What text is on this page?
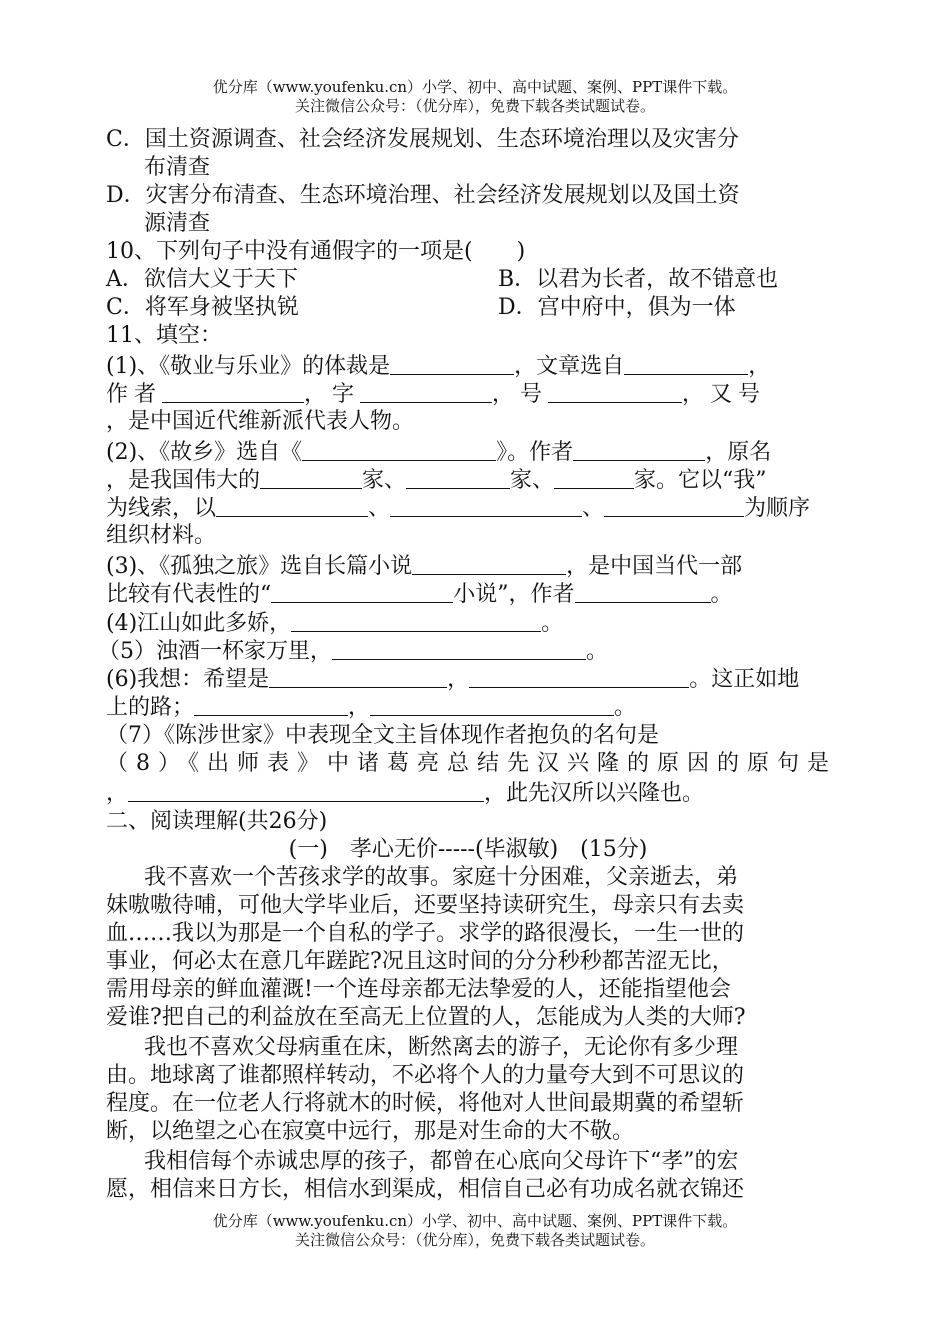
优分库（www.youfenku.cn）小学、初中、高中试题、案例、PPT课件下载。
关注微信公众号：（优分库），免费下载各类试题试卷。
C．国土资源调查、社会经济发展规划、生态环境治理以及灾害分
布清查
D．灾害分布清查、生态环境治理、社会经济发展规划以及国土资
源清查
10、下列句子中没有通假字的一项是(　　)
A．欲信大义于天下	B．以君为长者，故不错意也
C．将军身被坚执锐	D．宫中府中，俱为一体
11、填空：
(1)、《敬业与乐业》的体裁是	，文章选自	，
作者	，字	，号	，又号
，是中国近代维新派代表人物。
(2)、《故乡》选自《	》。作者	，原名
，是我国伟大的	家、	家、	家。它以“我”
为线索，以	、	、	为顺序
组织材料。
(3)、《孤独之旅》选自长篇小说	，是中国当代一部
比较有代表性的“	小说”，作者	。
(4)江山如此多娇，	。
（5）浊酒一杯家万里，	。
(6)我想：希望是	，	。这正如地
上的路；	，	。
（7）《陈涉世家》中表现全文主旨体现作者抱负的名句是
（8）《出师表》中诸葛亮总结先汉兴隆的原因的原句是
，	，此先汉所以兴隆也。
二、阅读理解(共26分)
(一)　孝心无价-----(毕淑敏)　(15分)
我不喜欢一个苦孩求学的故事。家庭十分困难，父亲逝去，弟
妹嗷嗷待哺，可他大学毕业后，还要坚持读研究生，母亲只有去卖
血……我以为那是一个自私的学子。求学的路很漫长，一生一世的
事业，何必太在意几年蹉跎?况且这时间的分分秒秒都苦涩无比，
需用母亲的鲜血灌溉!一个连母亲都无法挚爱的人，还能指望他会
爱谁?把自己的利益放在至高无上位置的人，怎能成为人类的大师?
我也不喜欢父母病重在床，断然离去的游子，无论你有多少理
由。地球离了谁都照样转动，不必将个人的力量夸大到不可思议的
程度。在一位老人行将就木的时候，将他对人世间最期冀的希望斩
断，以绝望之心在寂寞中远行，那是对生命的大不敬。
我相信每个赤诚忠厚的孩子，都曾在心底向父母许下“孝”的宏
愿，相信来日方长，相信水到渠成，相信自己必有功成名就衣锦还
优分库（www.youfenku.cn）小学、初中、高中试题、案例、PPT课件下载。
关注微信公众号：（优分库），免费下载各类试题试卷。
